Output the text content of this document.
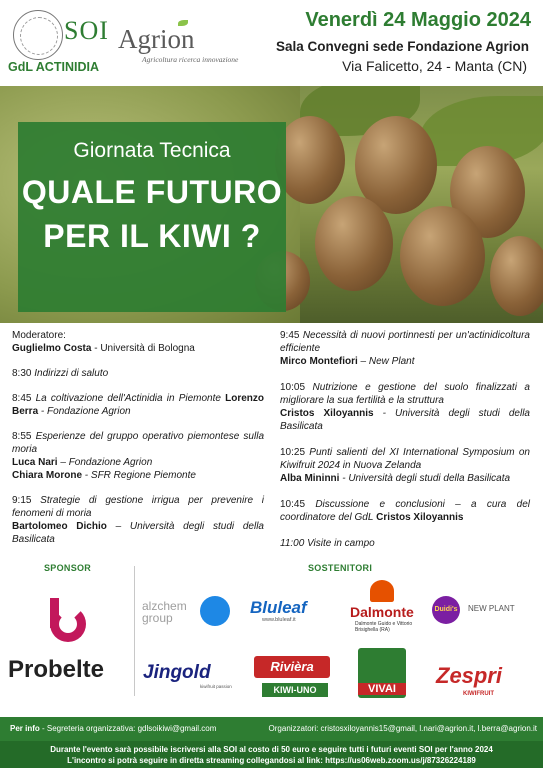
SOI
GdL ACTINIDIA
Agrion
Agricoltura ricerca innovazione
Venerdì 24 Maggio 2024
Sala Convegni sede Fondazione Agrion
Via Falicetto, 24 - Manta (CN)
Giornata Tecnica
QUALE FUTURO
PER IL KIWI ?
Moderatore:
Guglielmo Costa - Università di Bologna
8:30 Indirizzi di saluto
8:45 La coltivazione dell'Actinidia in Piemonte Lorenzo Berra - Fondazione Agrion
8:55 Esperienze del gruppo operativo piemontese sulla moria
Luca Nari – Fondazione Agrion
Chiara Morone - SFR Regione Piemonte
9:15 Strategie di gestione irrigua per prevenire i fenomeni di moria
Bartolomeo Dichio – Università degli studi della Basilicata
9:45 Necessità di nuovi portinnesti per un'actinidicoltura efficiente
Mirco Montefiori – New Plant
10:05 Nutrizione e gestione del suolo finalizzati a migliorare la sua fertilità e la struttura
Cristos Xiloyannis - Università degli studi della Basilicata
10:25 Punti salienti del XI International Symposium on Kiwifruit 2024 in Nuova Zelanda
Alba Mininni - Università degli studi della Basilicata
10:45 Discussione e conclusioni – a cura del coordinatore del GdL Cristos Xiloyannis
11:00 Visite in campo
SPONSOR	SOSTENITORI
Probelte
alzchem group
Bluleaf
www.bluleaf.it	Dalmonte
Dalmonte Guido e Vittorio Brisighella (RA)
Duidi's	NEW PLANT
Jingold
kiwifruit passion
Rivièra
KIWI-UNO	VIVAI
Zespri
KIWIFRUIT
Per info - Segreteria organizzativa: gdlsoikiwi@gmail.com	Organizzatori: cristosxiloyannis15@gmail, l.nari@agrion.it, l.berra@agrion.it
Durante l'evento sarà possibile iscriversi alla SOI al costo di 50 euro e seguire tutti i futuri eventi SOI per l'anno 2024
L'incontro si potrà seguire in diretta streaming collegandosi al link: https://us06web.zoom.us/j/87326224189
